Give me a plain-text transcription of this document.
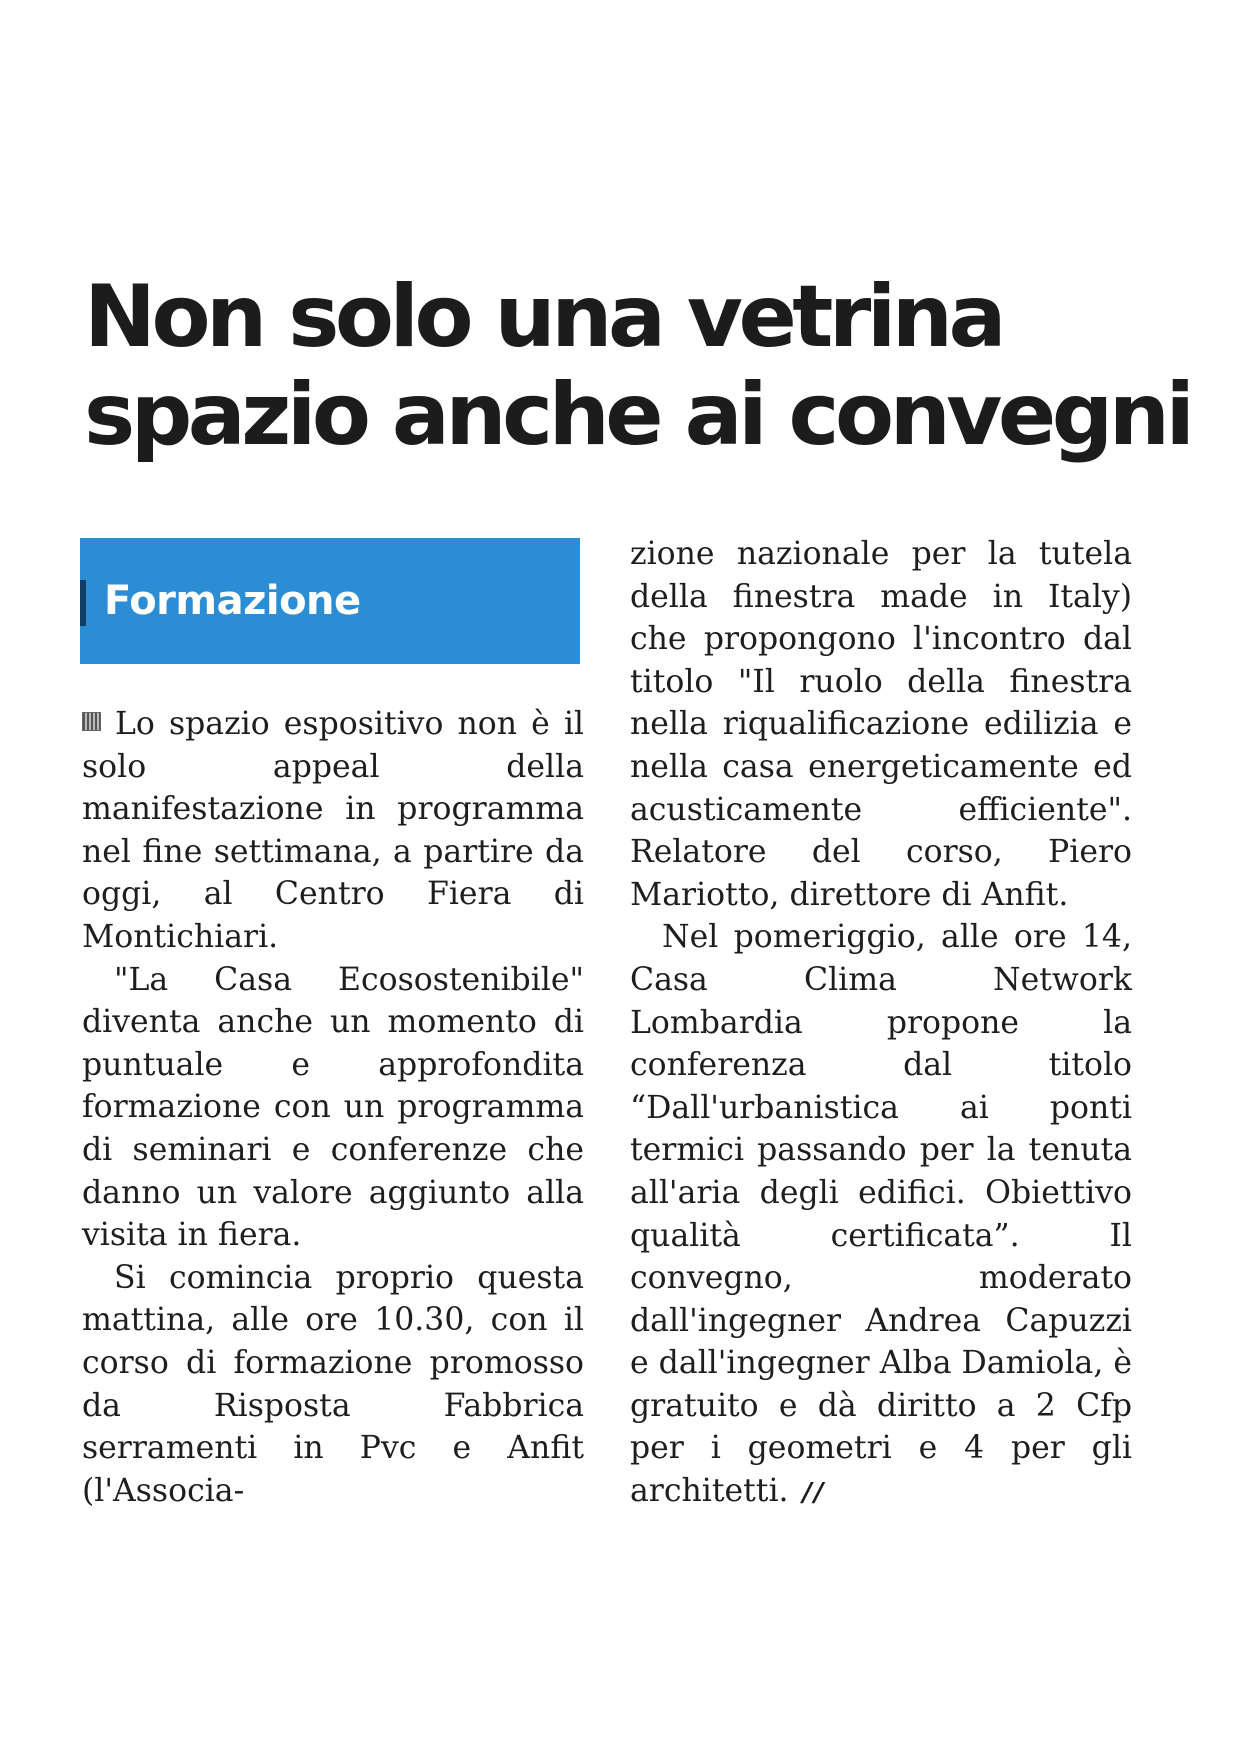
Non solo una vetrina
spazio anche ai convegni
Formazione

Lo spazio espositivo non è il solo appeal della manifestazione in programma nel fine settimana, a partire da oggi, al Centro Fiera di Montichiari.

"La Casa Ecosostenibile" diventa anche un momento di puntuale e approfondita formazione con un programma di seminari e conferenze che danno un valore aggiunto alla visita in fiera.

Si comincia proprio questa mattina, alle ore 10.30, con il corso di formazione promosso da Risposta Fabbrica serramenti in Pvc e Anfit (l'Associa-

zione nazionale per la tutela della finestra made in Italy) che propongono l'incontro dal titolo "Il ruolo della finestra nella riqualificazione edilizia e nella casa energeticamente ed acusticamente efficiente". Relatore del corso, Piero Mariotto, direttore di Anfit.

Nel pomeriggio, alle ore 14, Casa Clima Network Lombardia propone la conferenza dal titolo “Dall'urbanistica ai ponti termici passando per la tenuta all'aria degli edifici. Obiettivo qualità certificata”. Il convegno, moderato dall'ingegner Andrea Capuzzi e dall'ingegner Alba Damiola, è gratuito e dà diritto a 2 Cfp per i geometri e 4 per gli architetti. //
